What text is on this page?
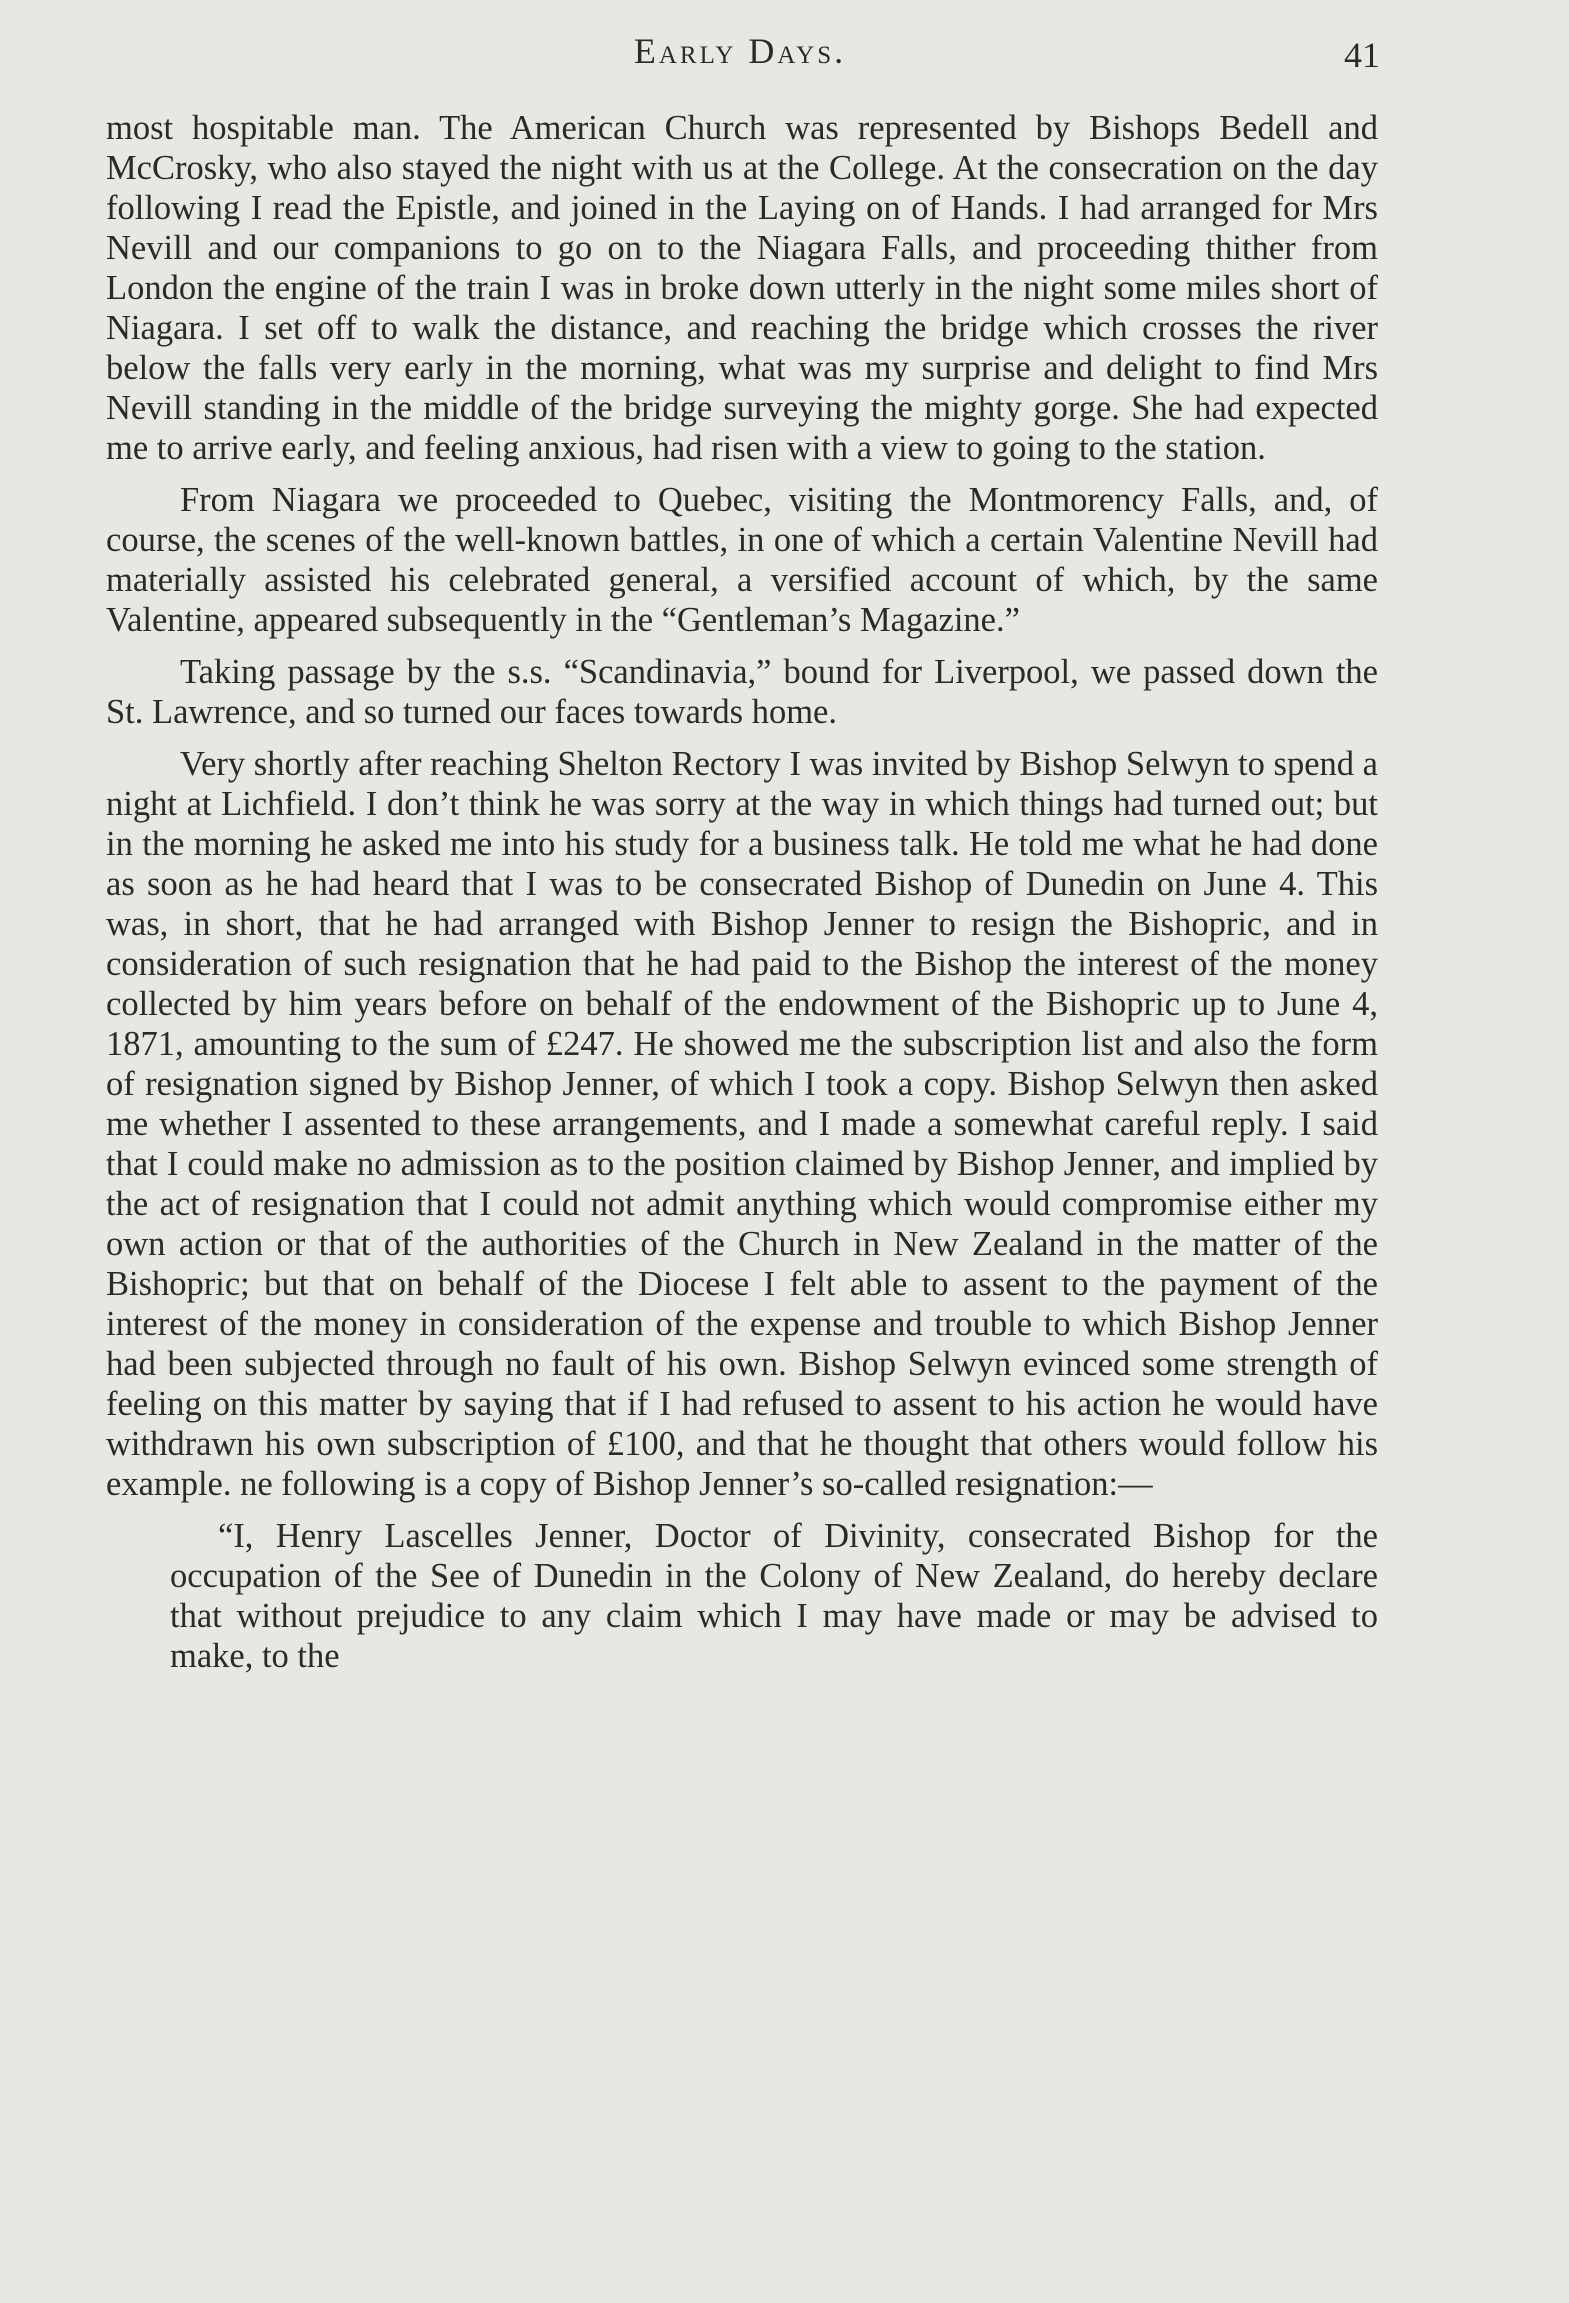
Early Days.	41

most hospitable man. The American Church was represented by Bishops Bedell and McCrosky, who also stayed the night with us at the College. At the consecration on the day following I read the Epistle, and joined in the Laying on of Hands. I had arranged for Mrs Nevill and our companions to go on to the Niagara Falls, and proceeding thither from London the engine of the train I was in broke down utterly in the night some miles short of Niagara. I set off to walk the distance, and reaching the bridge which crosses the river below the falls very early in the morning, what was my surprise and delight to find Mrs Nevill standing in the middle of the bridge surveying the mighty gorge. She had expected me to arrive early, and feeling anxious, had risen with a view to going to the station.

From Niagara we proceeded to Quebec, visiting the Montmorency Falls, and, of course, the scenes of the well-known battles, in one of which a certain Valentine Nevill had materially assisted his celebrated general, a versified account of which, by the same Valentine, appeared subsequently in the “Gentleman’s Magazine.”

Taking passage by the s.s. “Scandinavia,” bound for Liverpool, we passed down the St. Lawrence, and so turned our faces towards home.

Very shortly after reaching Shelton Rectory I was invited by Bishop Selwyn to spend a night at Lichfield. I don’t think he was sorry at the way in which things had turned out; but in the morning he asked me into his study for a business talk. He told me what he had done as soon as he had heard that I was to be consecrated Bishop of Dunedin on June 4. This was, in short, that he had arranged with Bishop Jenner to resign the Bishopric, and in consideration of such resignation that he had paid to the Bishop the interest of the money collected by him years before on behalf of the endowment of the Bishopric up to June 4, 1871, amounting to the sum of £247. He showed me the subscription list and also the form of resignation signed by Bishop Jenner, of which I took a copy. Bishop Selwyn then asked me whether I assented to these arrangements, and I made a somewhat careful reply. I said that I could make no admission as to the position claimed by Bishop Jenner, and implied by the act of resignation that I could not admit anything which would compromise either my own action or that of the authorities of the Church in New Zealand in the matter of the Bishopric; but that on behalf of the Diocese I felt able to assent to the payment of the interest of the money in consideration of the expense and trouble to which Bishop Jenner had been subjected through no fault of his own. Bishop Selwyn evinced some strength of feeling on this matter by saying that if I had refused to assent to his action he would have withdrawn his own subscription of £100, and that he thought that others would follow his example. ne following is a copy of Bishop Jenner’s so-called resignation:—

“I, Henry Lascelles Jenner, Doctor of Divinity, consecrated Bishop for the occupation of the See of Dunedin in the Colony of New Zealand, do hereby declare that without prejudice to any claim which I may have made or may be advised to make, to the
